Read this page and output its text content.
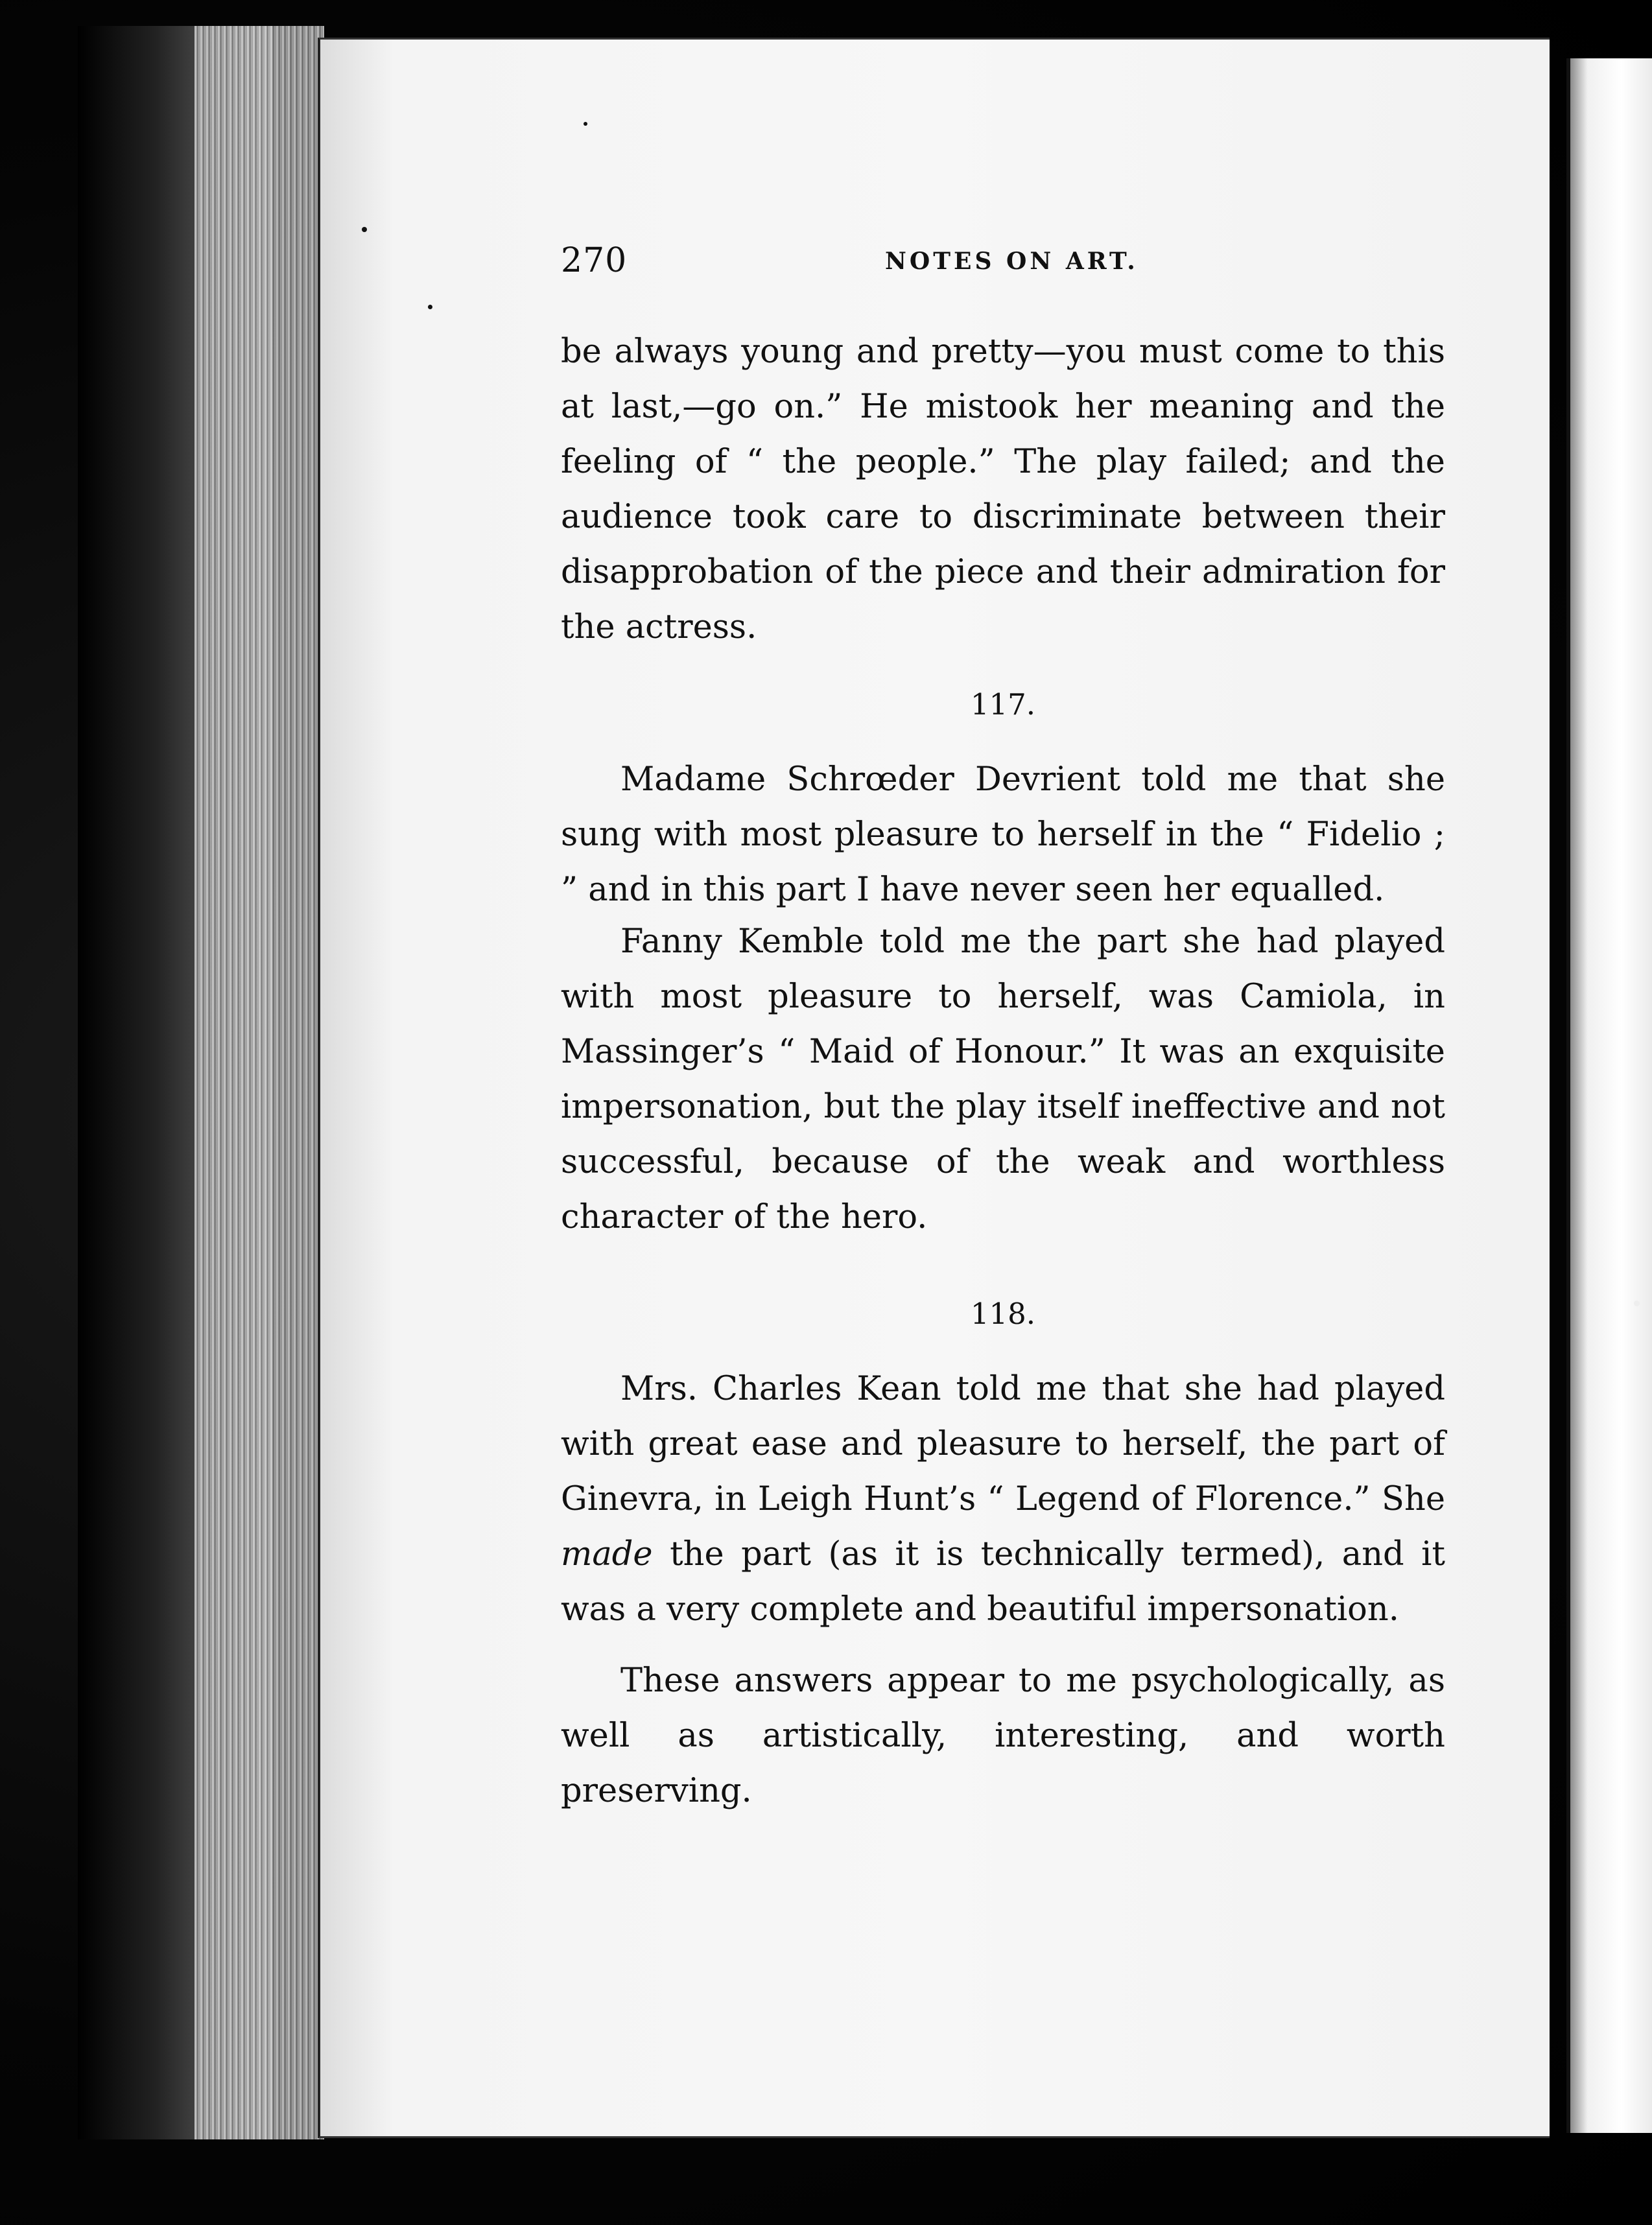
270	NOTES ON ART.

be always young and pretty—you must come to this at last,—go on.” He mistook her meaning and the feeling of “ the people.” The play failed; and the audience took care to discriminate between their disapprobation of the piece and their admiration for the actress.

117.

Madame Schrœder Devrient told me that she sung with most pleasure to herself in the “ Fidelio ; ” and in this part I have never seen her equalled.

Fanny Kemble told me the part she had played with most pleasure to herself, was Camiola, in Massinger’s “ Maid of Honour.” It was an exquisite impersonation, but the play itself ineffective and not successful, because of the weak and worthless character of the hero.

118.

Mrs. Charles Kean told me that she had played with great ease and pleasure to herself, the part of Ginevra, in Leigh Hunt’s “ Legend of Florence.” She made the part (as it is technically termed), and it was a very complete and beautiful impersonation.

These answers appear to me psychologically, as well as artistically, interesting, and worth preserving.
